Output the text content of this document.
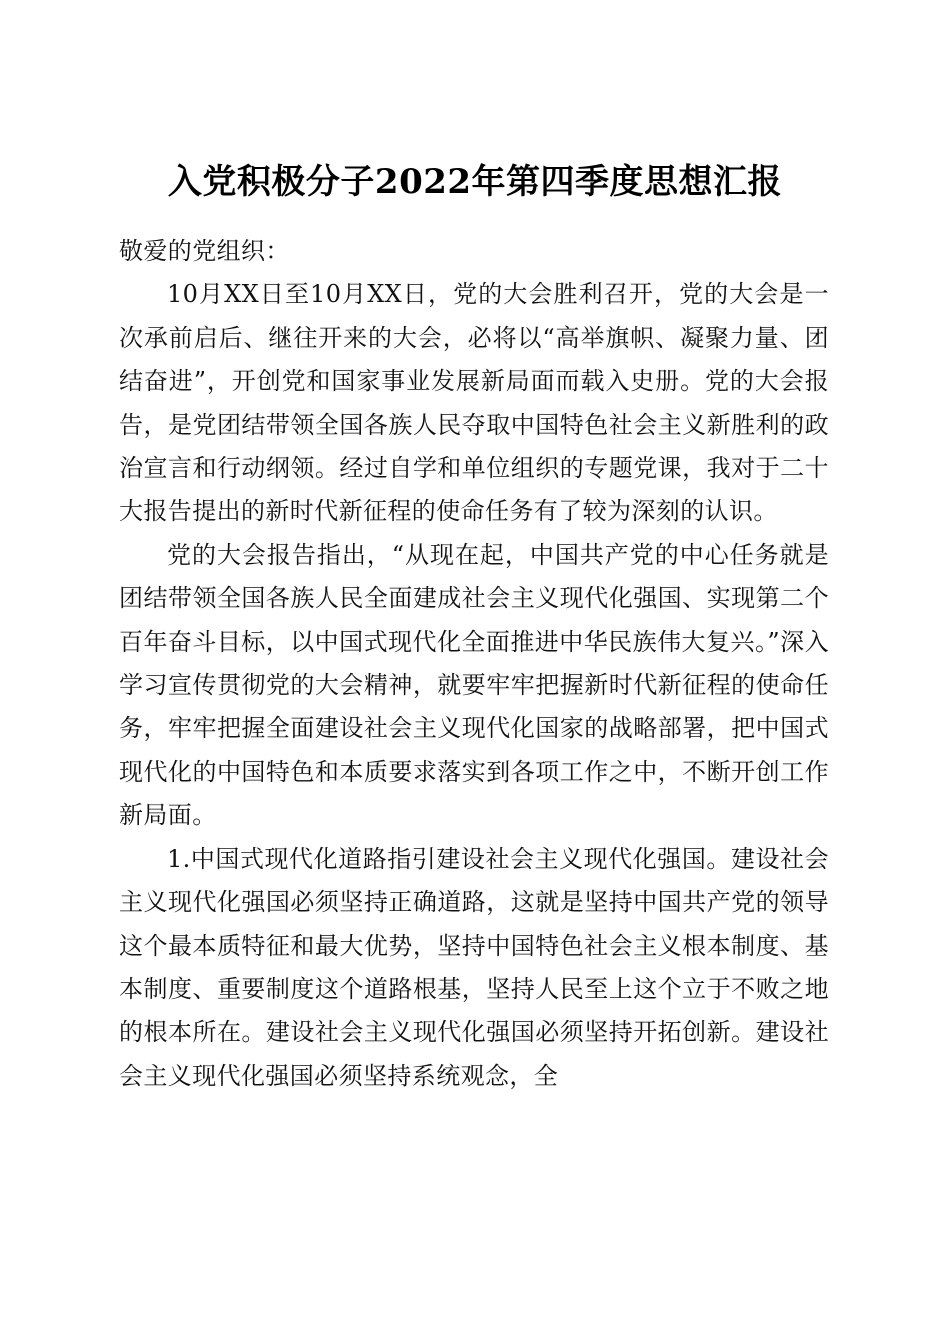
入党积极分子2022年第四季度思想汇报

敬爱的党组织：

10月XX日至10月XX日，党的大会胜利召开，党的大会是一次承前启后、继往开来的大会，必将以“高举旗帜、凝聚力量、团结奋进”，开创党和国家事业发展新局面而载入史册。党的大会报告，是党团结带领全国各族人民夺取中国特色社会主义新胜利的政治宣言和行动纲领。经过自学和单位组织的专题党课，我对于二十大报告提出的新时代新征程的使命任务有了较为深刻的认识。

党的大会报告指出，“从现在起，中国共产党的中心任务就是团结带领全国各族人民全面建成社会主义现代化强国、实现第二个百年奋斗目标，以中国式现代化全面推进中华民族伟大复兴。”深入学习宣传贯彻党的大会精神，就要牢牢把握新时代新征程的使命任务，牢牢把握全面建设社会主义现代化国家的战略部署，把中国式现代化的中国特色和本质要求落实到各项工作之中，不断开创工作新局面。

1.中国式现代化道路指引建设社会主义现代化强国。建设社会主义现代化强国必须坚持正确道路，这就是坚持中国共产党的领导这个最本质特征和最大优势，坚持中国特色社会主义根本制度、基本制度、重要制度这个道路根基，坚持人民至上这个立于不败之地的根本所在。建设社会主义现代化强国必须坚持开拓创新。建设社会主义现代化强国必须坚持系统观念，全
